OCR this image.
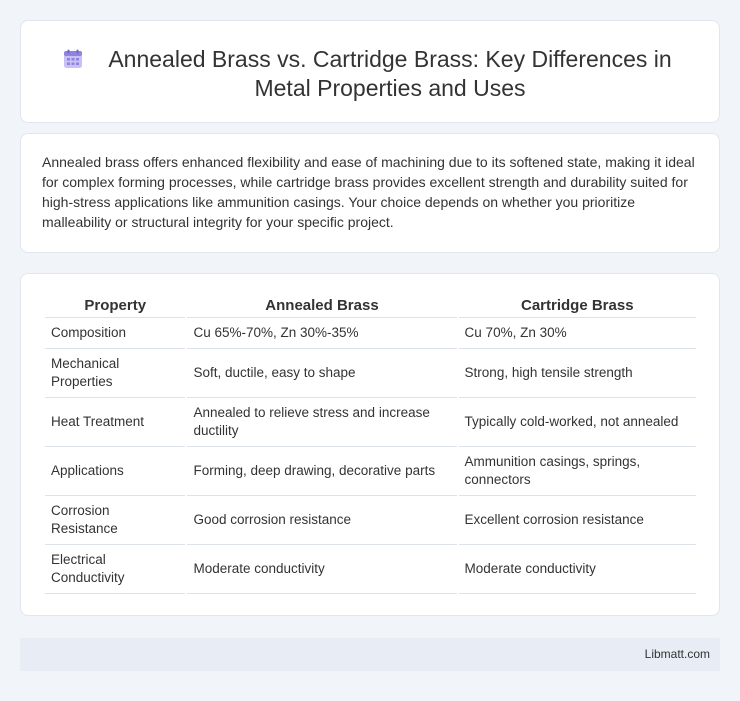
Annealed Brass vs. Cartridge Brass: Key Differences in Metal Properties and Uses

Annealed brass offers enhanced flexibility and ease of machining due to its softened state, making it ideal for complex forming processes, while cartridge brass provides excellent strength and durability suited for high-stress applications like ammunition casings. Your choice depends on whether you prioritize malleability or structural integrity for your specific project.

Property	Annealed Brass	Cartridge Brass
Composition	Cu 65%-70%, Zn 30%-35%	Cu 70%, Zn 30%
Mechanical Properties	Soft, ductile, easy to shape	Strong, high tensile strength
Heat Treatment	Annealed to relieve stress and increase ductility	Typically cold-worked, not annealed
Applications	Forming, deep drawing, decorative parts	Ammunition casings, springs, connectors
Corrosion Resistance	Good corrosion resistance	Excellent corrosion resistance
Electrical Conductivity	Moderate conductivity	Moderate conductivity
Libmatt.com
